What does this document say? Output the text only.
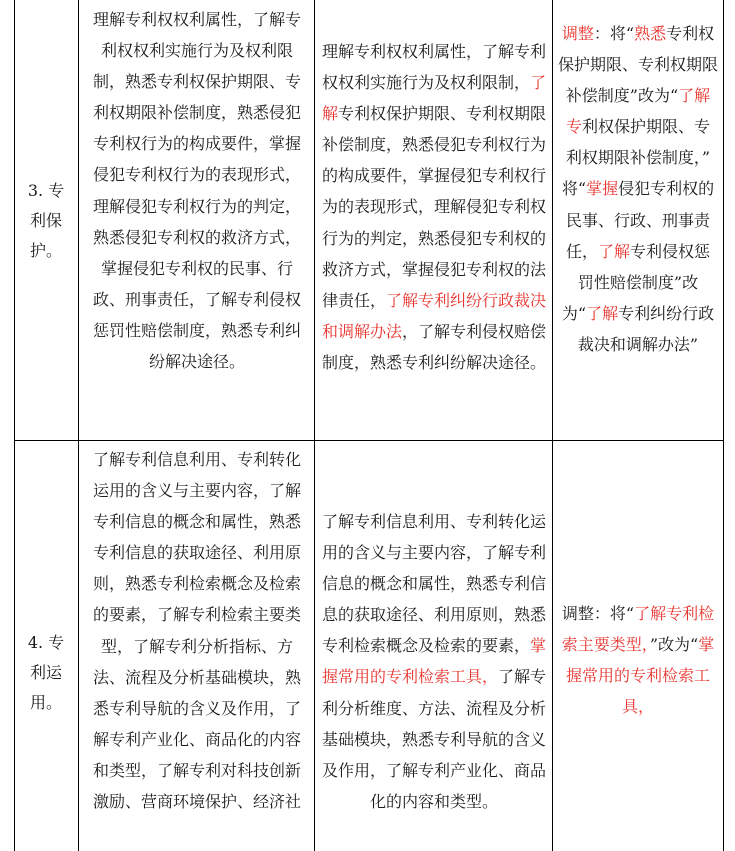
3. 专利保护。
理解专利权权利属性，了解专利权权利实施行为及权利限制，熟悉专利权保护期限、专利权期限补偿制度，熟悉侵犯专利权行为的构成要件，掌握侵犯专利权行为的表现形式，理解侵犯专利权行为的判定，熟悉侵犯专利权的救济方式，掌握侵犯专利权的民事、行政、刑事责任，了解专利侵权惩罚性赔偿制度，熟悉专利纠纷解决途径。
理解专利权权利属性，了解专利权权利实施行为及权利限制，了解专利权保护期限、专利权期限补偿制度，熟悉侵犯专利权行为的构成要件，掌握侵犯专利权行为的表现形式，理解侵犯专利权行为的判定，熟悉侵犯专利权的救济方式，掌握侵犯专利权的法律责任，了解专利纠纷行政裁决和调解办法，了解专利侵权赔偿制度，熟悉专利纠纷解决途径。
调整：将“熟悉专利权保护期限、专利权期限补偿制度”改为“了解专利权保护期限、专利权期限补偿制度，” 将“掌握侵犯专利权的民事、行政、刑事责任，了解专利侵权惩罚性赔偿制度”改为“了解专利纠纷行政裁决和调解办法”
4. 专利运用。
了解专利信息利用、专利转化运用的含义与主要内容，了解专利信息的概念和属性，熟悉专利信息的获取途径、利用原则，熟悉专利检索概念及检索的要素，了解专利检索主要类型，了解专利分析指标、方法、流程及分析基础模块，熟悉专利导航的含义及作用，了解专利产业化、商品化的内容和类型，了解专利对科技创新激励、营商环境保护、经济社
了解专利信息利用、专利转化运用的含义与主要内容，了解专利信息的概念和属性，熟悉专利信息的获取途径、利用原则，熟悉专利检索概念及检索的要素，掌握常用的专利检索工具，了解专利分析维度、方法、流程及分析基础模块，熟悉专利导航的含义及作用，了解专利产业化、商品化的内容和类型。
调整：将“了解专利检索主要类型，”改为“掌握常用的专利检索工具，
